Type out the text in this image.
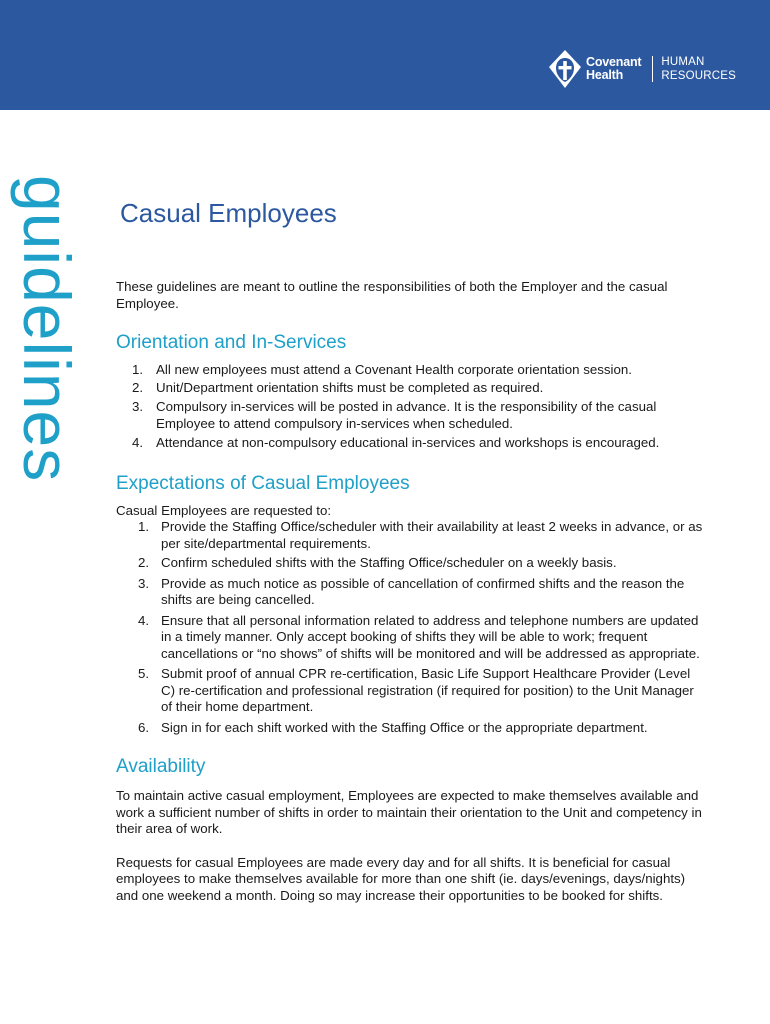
Covenant
Health
HUMAN
RESOURCES
guidelines Casual Employees

These guidelines are meant to outline the responsibilities of both the Employer and the casual Employee.

Orientation and In-Services
1. All new employees must attend a Covenant Health corporate orientation session.
2. Unit/Department orientation shifts must be completed as required.
3. Compulsory in-services will be posted in advance. It is the responsibility of the casual Employee to attend compulsory in-services when scheduled.
4. Attendance at non-compulsory educational in-services and workshops is encouraged.
Expectations of Casual Employees

Casual Employees are requested to:

1. Provide the Staffing Office/scheduler with their availability at least 2 weeks in advance, or as per site/departmental requirements.
2. Confirm scheduled shifts with the Staffing Office/scheduler on a weekly basis.
3. Provide as much notice as possible of cancellation of confirmed shifts and the reason the shifts are being cancelled.
4. Ensure that all personal information related to address and telephone numbers are updated in a timely manner. Only accept booking of shifts they will be able to work; frequent cancellations or “no shows” of shifts will be monitored and will be addressed as appropriate.
5. Submit proof of annual CPR re-certification, Basic Life Support Healthcare Provider (Level C) re-certification and professional registration (if required for position) to the Unit Manager of their home department.
6. Sign in for each shift worked with the Staffing Office or the appropriate department.
Availability

To maintain active casual employment, Employees are expected to make themselves available and work a sufficient number of shifts in order to maintain their orientation to the Unit and competency in their area of work.

Requests for casual Employees are made every day and for all shifts. It is beneficial for casual employees to make themselves available for more than one shift (ie. days/evenings, days/nights) and one weekend a month. Doing so may increase their opportunities to be booked for shifts.
